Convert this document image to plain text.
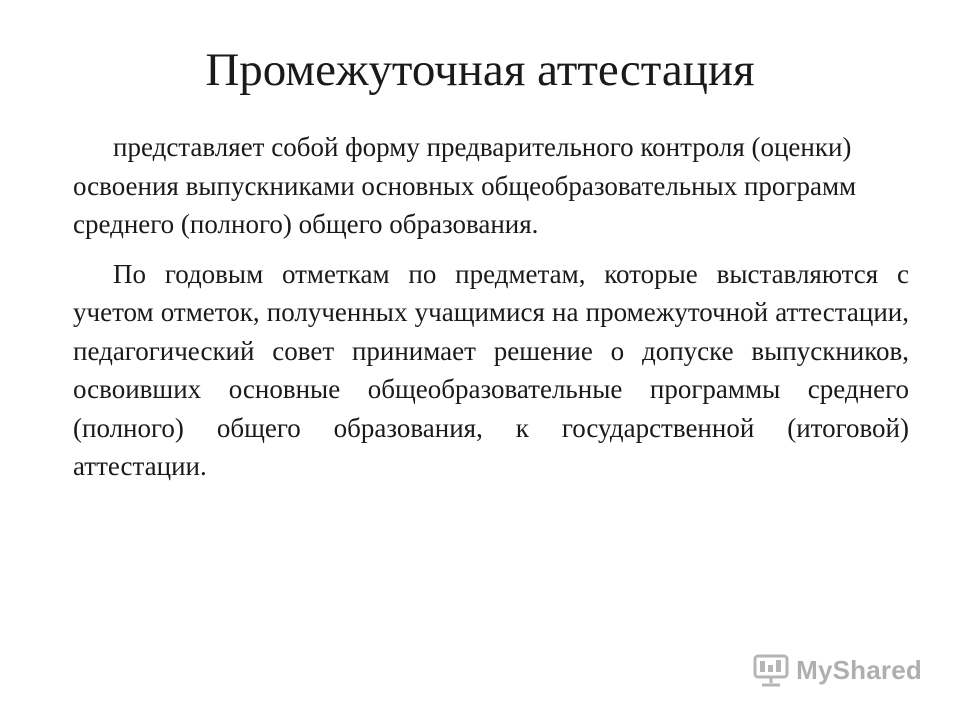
Промежуточная аттестация

представляет собой форму предварительного контроля (оценки) освоения выпускниками основных общеобразовательных программ среднего (полного) общего образования.

По годовым отметкам по предметам, которые выставляются с учетом отметок, полученных учащимися на промежуточной аттестации, педагогический совет принимает решение о допуске выпускников, освоивших основные общеобразовательные программы среднего (полного) общего образования, к государственной (итоговой) аттестации.

MyShared
